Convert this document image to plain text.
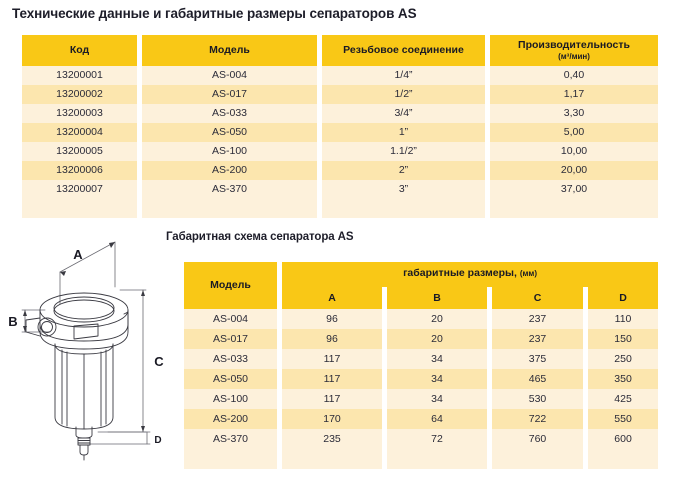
Технические данные и габаритные размеры сепараторов AS
Код		Модель		Резьбовое соединение		Производительность
(м³/мин)

13200001		AS-004		1/4”		0,40
13200002		AS-017		1/2”		1,17
13200003		AS-033		3/4”		3,30
13200004		AS-050		1”		5,00
13200005		AS-100		1.1/2”		10,00
13200006		AS-200		2”		20,00
13200007		AS-370		3”		37,00

Габаритная схема сепаратора AS
Модель		габаритные размеры, (мм)						

		A		B		C		D
AS-004		96		20		237		110
AS-017		96		20		237		150
AS-033		117		34		375		250
AS-050		117		34		465		350
AS-100		117		34		530		425
AS-200		170		64		722		550
AS-370		235		72		760		600

A
B
C
D
